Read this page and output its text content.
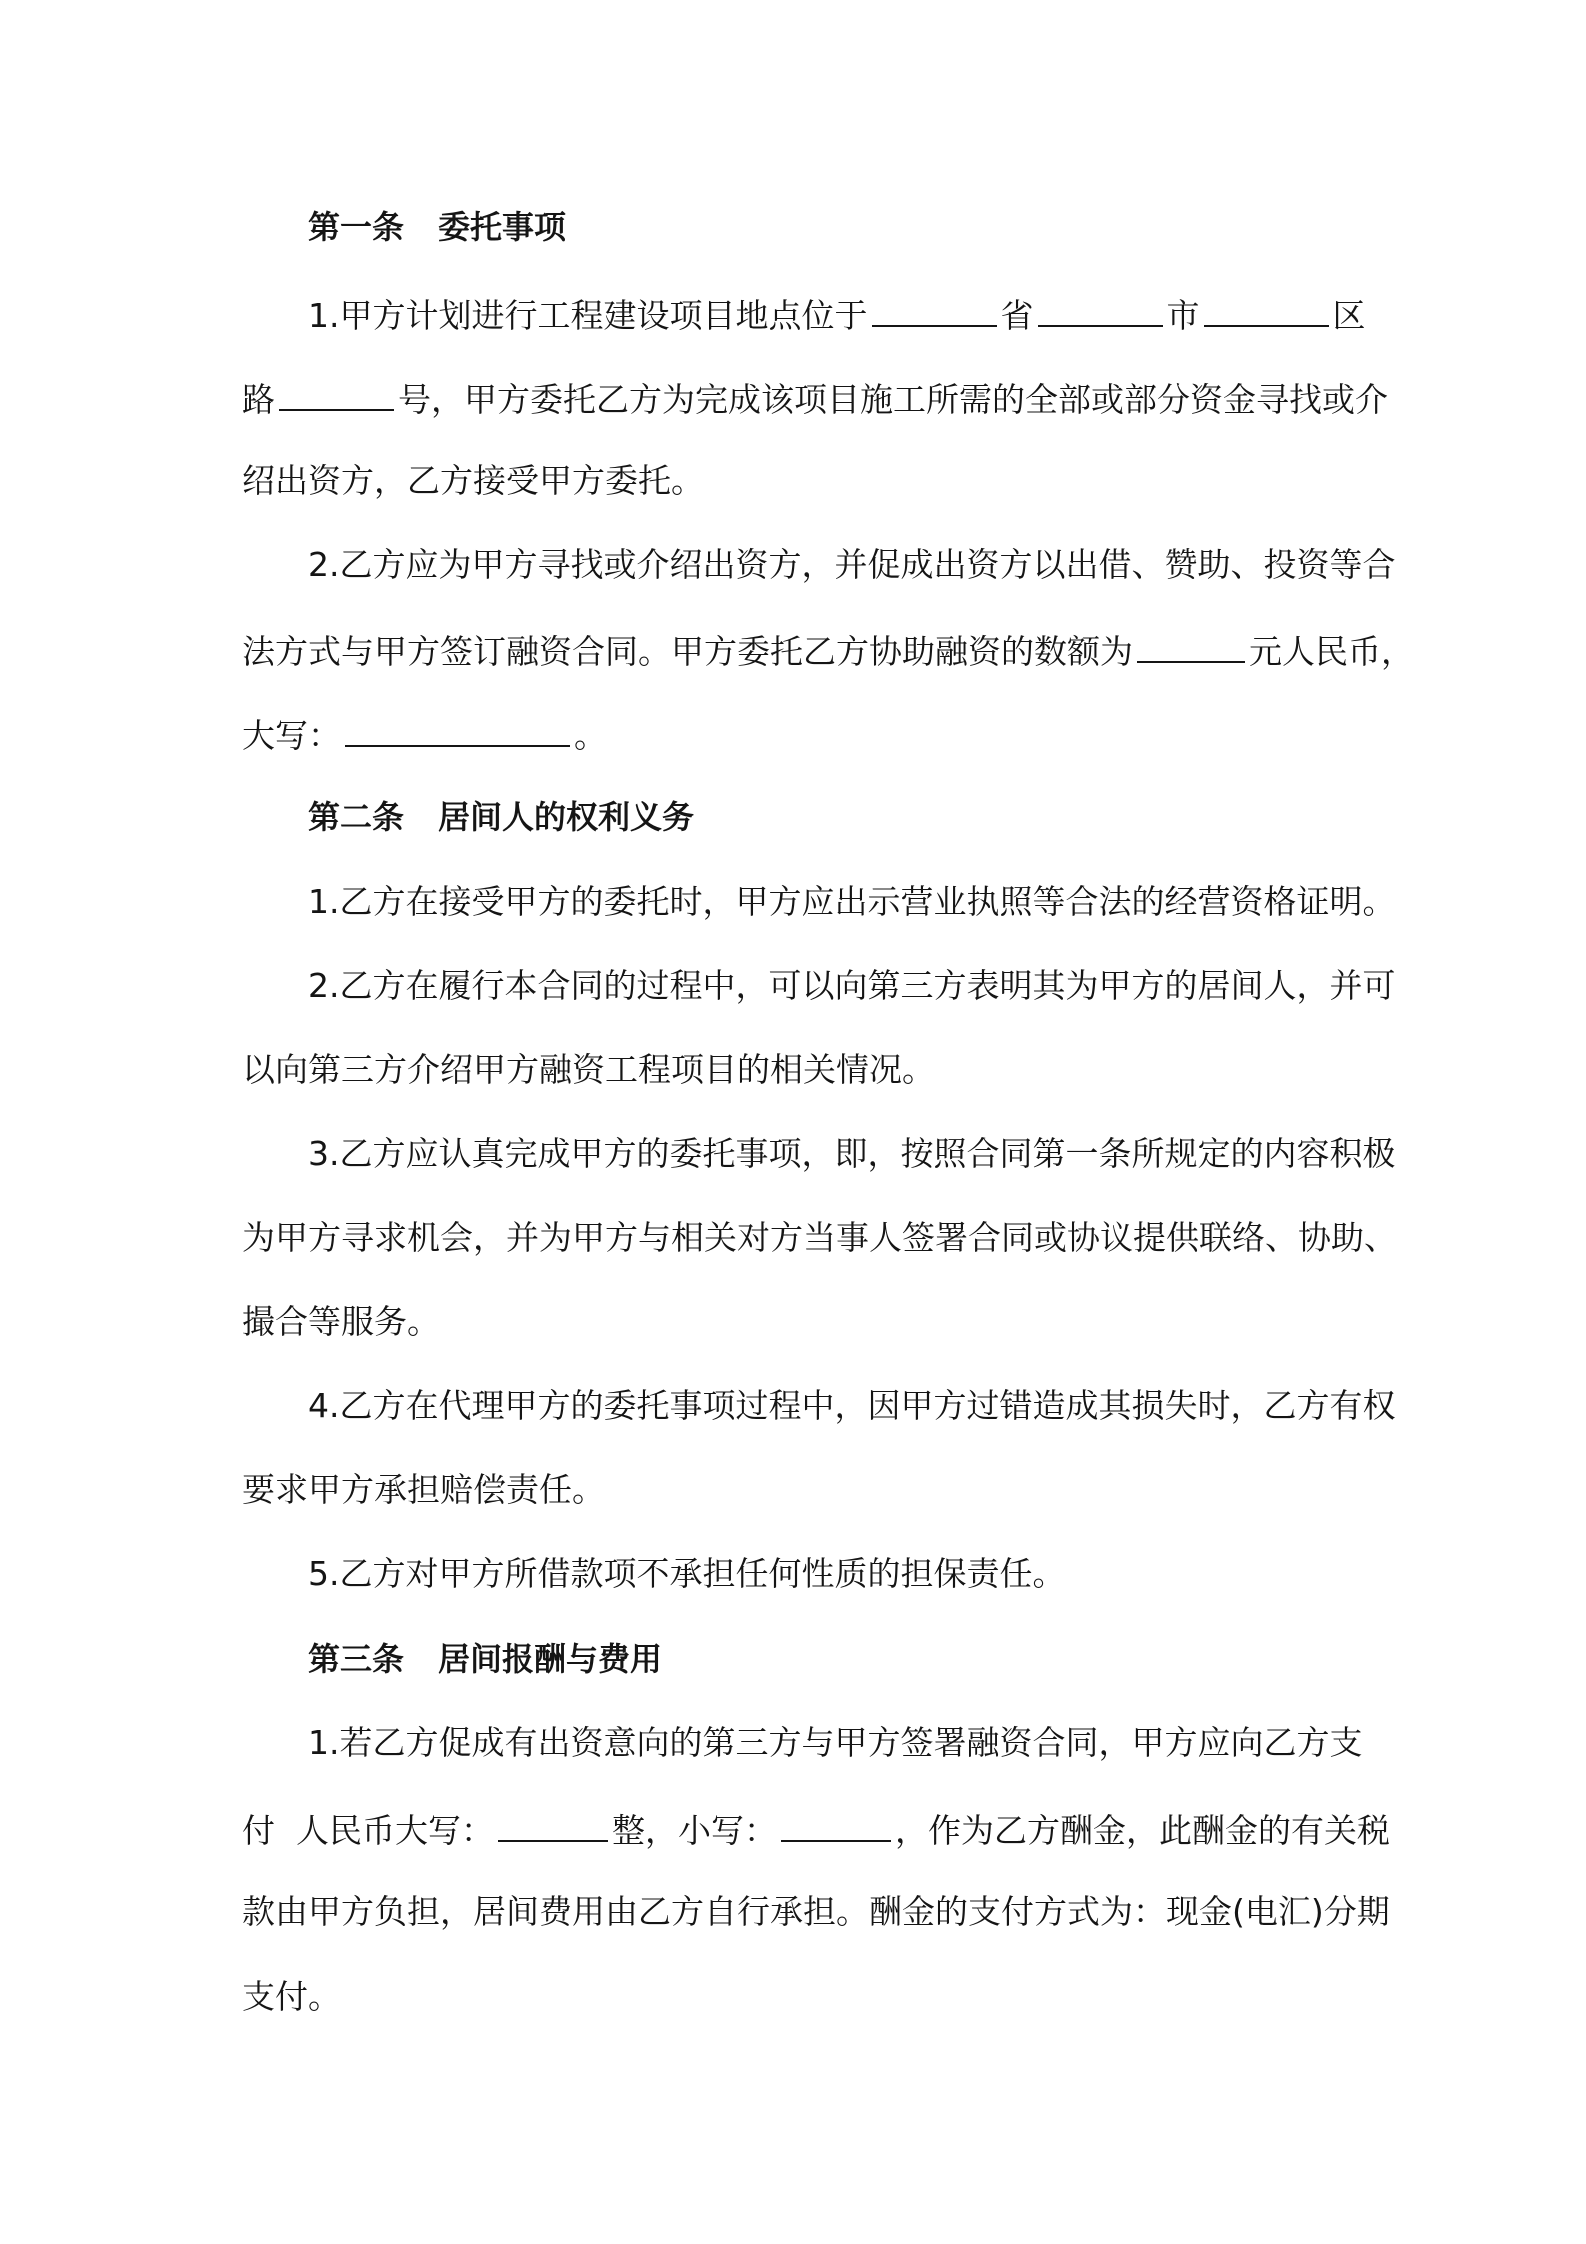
第一条 委托事项
1.甲方计划进行工程建设项目地点位于	省	市	区
路	号，甲方委托乙方为完成该项目施工所需的全部或部分资金寻找或介
绍出资方，乙方接受甲方委托。
2.乙方应为甲方寻找或介绍出资方，并促成出资方以出借、赞助、投资等合
法方式与甲方签订融资合同。甲方委托乙方协助融资的数额为	元人民币，
大写：	。
第二条 居间人的权利义务
1.乙方在接受甲方的委托时，甲方应出示营业执照等合法的经营资格证明。
2.乙方在履行本合同的过程中，可以向第三方表明其为甲方的居间人，并可
以向第三方介绍甲方融资工程项目的相关情况。
3.乙方应认真完成甲方的委托事项，即，按照合同第一条所规定的内容积极
为甲方寻求机会，并为甲方与相关对方当事人签署合同或协议提供联络、协助、
撮合等服务。
4.乙方在代理甲方的委托事项过程中，因甲方过错造成其损失时，乙方有权
要求甲方承担赔偿责任。
5.乙方对甲方所借款项不承担任何性质的担保责任。
第三条 居间报酬与费用
1.若乙方促成有出资意向的第三方与甲方签署融资合同，甲方应向乙方支
付  人民币大写：	整，小写：	，作为乙方酬金，此酬金的有关税
款由甲方负担，居间费用由乙方自行承担。酬金的支付方式为：现金(电汇)分期
支付。
